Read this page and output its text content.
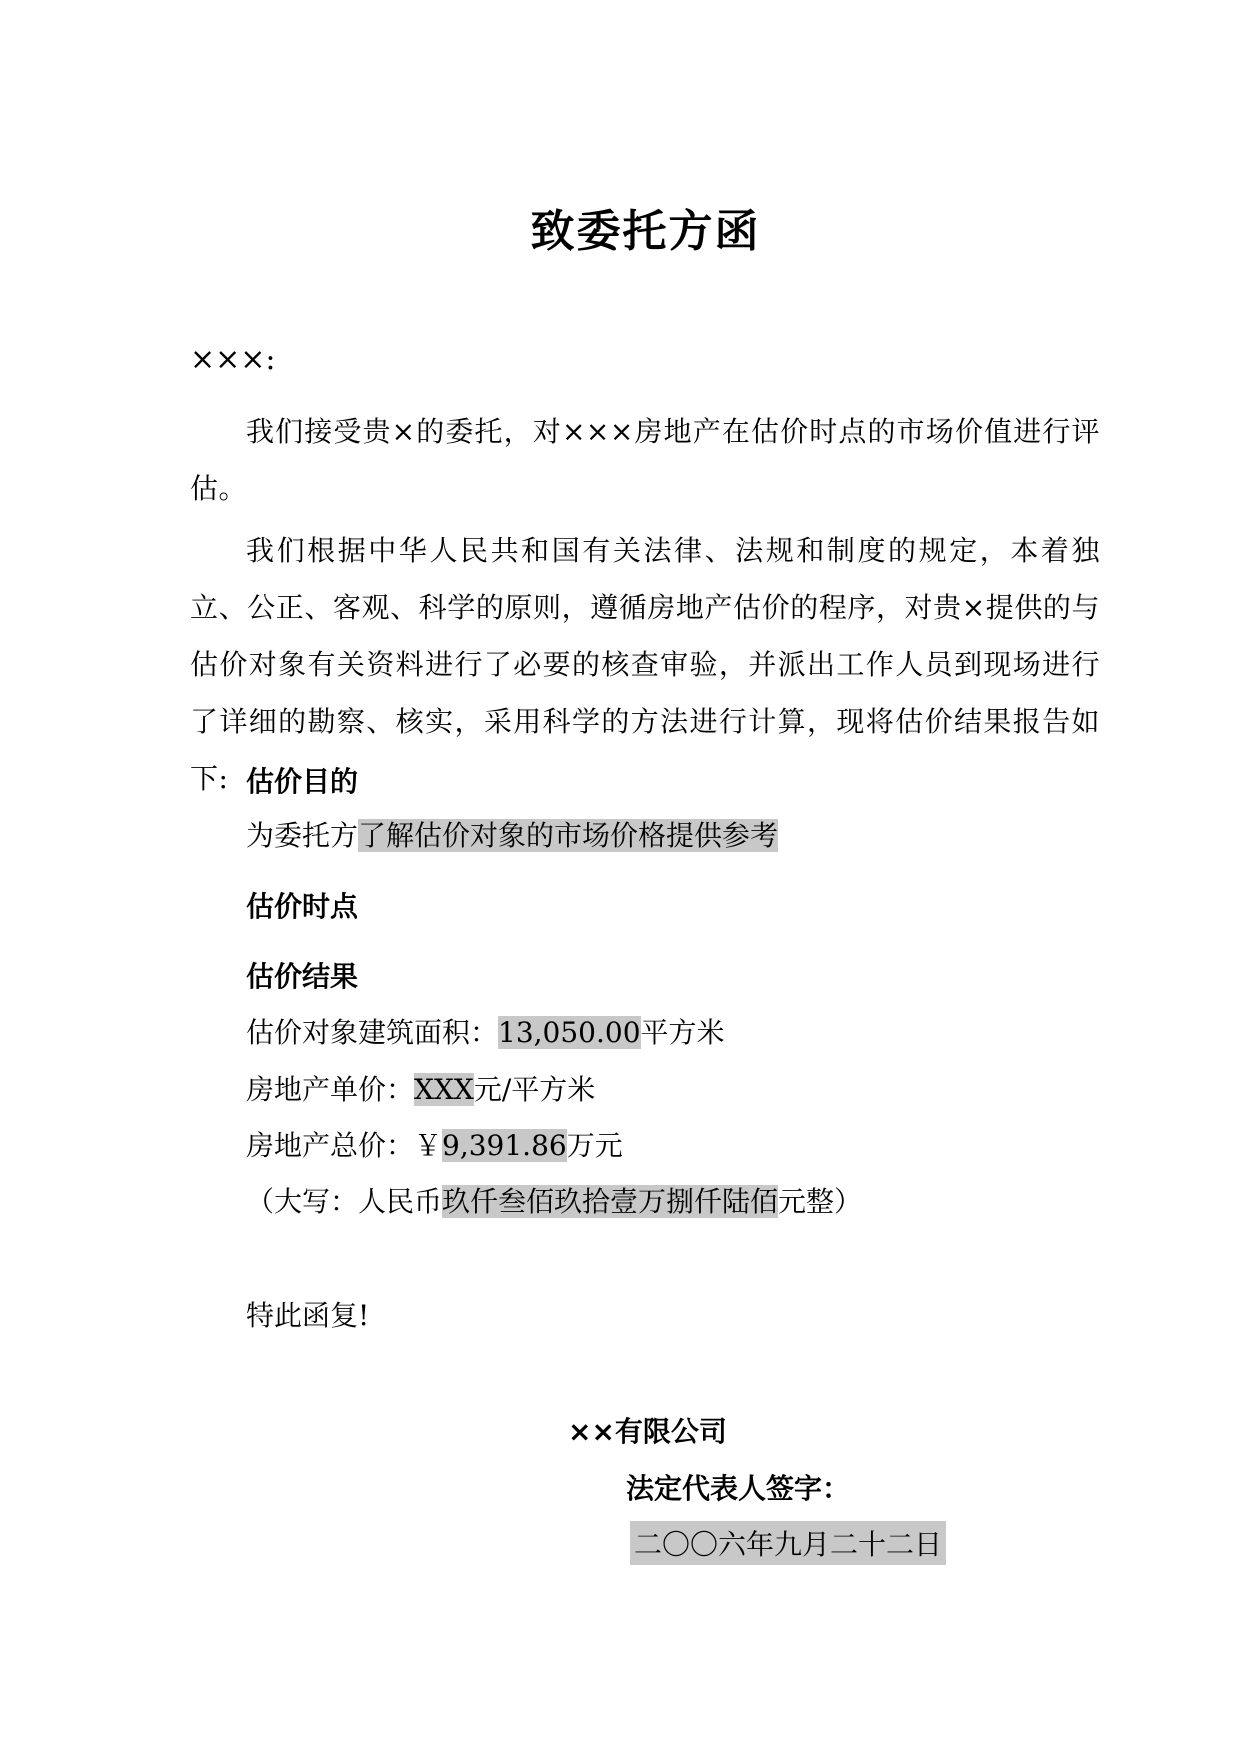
致委托方函
×××:
我们接受贵×的委托，对×××房地产在估价时点的市场价值进行评估。
我们根据中华人民共和国有关法律、法规和制度的规定，本着独立、公正、客观、科学的原则，遵循房地产估价的程序，对贵×提供的与估价对象有关资料进行了必要的核查审验，并派出工作人员到现场进行了详细的勘察、核实，采用科学的方法进行计算，现将估价结果报告如下: 估价目的
为委托方了解估价对象的市场价格提供参考
估价时点
估价结果
估价对象建筑面积：13,050.00平方米
房地产单价：XXX元/平方米
房地产总价：￥9,391.86万元
（大写：人民币玖仟叁佰玖拾壹万捌仟陆佰元整）
特此函复!
××有限公司
法定代表人签字：
二〇〇六年九月二十二日
